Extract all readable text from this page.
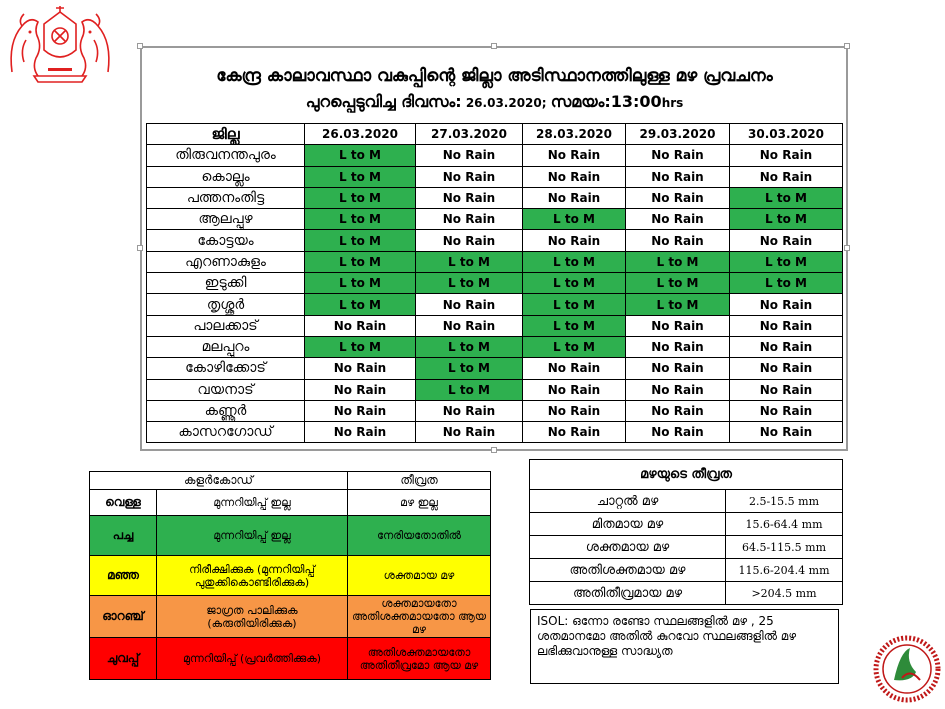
കേന്ദ്ര കാലാവസ്ഥാ വകുപ്പിന്റെ ജില്ലാ അടിസ്ഥാനത്തിലുള്ള മഴ പ്രവചനം
പുറപ്പെടുവിച്ച ദിവസം: 26.03.2020; സമയം:13:00hrs
ജില്ല	26.03.2020	27.03.2020	28.03.2020	29.03.2020	30.03.2020
തിരുവനന്തപുരം	L to M	No Rain	No Rain	No Rain	No Rain
കൊല്ലം	L to M	No Rain	No Rain	No Rain	No Rain
പത്തനംതിട്ട	L to M	No Rain	No Rain	No Rain	L to M
ആലപ്പുഴ	L to M	No Rain	L to M	No Rain	L to M
കോട്ടയം	L to M	No Rain	No Rain	No Rain	No Rain
എറണാകുളം	L to M	L to M	L to M	L to M	L to M
ഇടുക്കി	L to M	L to M	L to M	L to M	L to M
തൃശ്ശൂർ	L to M	No Rain	L to M	L to M	No Rain
പാലക്കാട്	No Rain	No Rain	L to M	No Rain	No Rain
മലപ്പുറം	L to M	L to M	L to M	No Rain	No Rain
കോഴിക്കോട്	No Rain	L to M	No Rain	No Rain	No Rain
വയനാട്	No Rain	L to M	No Rain	No Rain	No Rain
കണ്ണൂർ	No Rain	No Rain	No Rain	No Rain	No Rain
കാസറഗോഡ്	No Rain	No Rain	No Rain	No Rain	No Rain
കളർകോഡ്		തീവ്രത
വെള്ള	മുന്നറിയിപ്പ് ഇല്ല	മഴ ഇല്ല
പച്ച	മുന്നറിയിപ്പ് ഇല്ല	നേരിയതോതിൽ
മഞ്ഞ	നിരീക്ഷിക്കുക (മുന്നറിയിപ്പ് പുതുക്കികൊണ്ടിരിക്കുക)	ശക്തമായ മഴ
ഓറഞ്ച്	ജാഗ്രത പാലിക്കുക (കരുതിയിരിക്കുക)	ശക്തമായതോ അതിശക്തമായതോ ആയ മഴ
ചുവപ്പ്	മുന്നറിയിപ്പ് (പ്രവർത്തിക്കുക)	അതിശക്തമായതോ അതിതീവ്രമോ ആയ മഴ
മഴയുടെ തീവ്രത	
ചാറ്റൽ മഴ	2.5-15.5 mm
മിതമായ മഴ	15.6-64.4 mm
ശക്തമായ മഴ	64.5-115.5 mm
അതിശക്തമായ മഴ	115.6-204.4 mm
അതിതീവ്രമായ മഴ	>204.5 mm
ISOL: ഒന്നോ രണ്ടോ സ്ഥലങ്ങളിൽ മഴ , 25 ശതമാനമോ അതിൽ കുറവോ സ്ഥലങ്ങളിൽ മഴ ലഭിക്കുവാനുള്ള സാദ്ധ്യത
